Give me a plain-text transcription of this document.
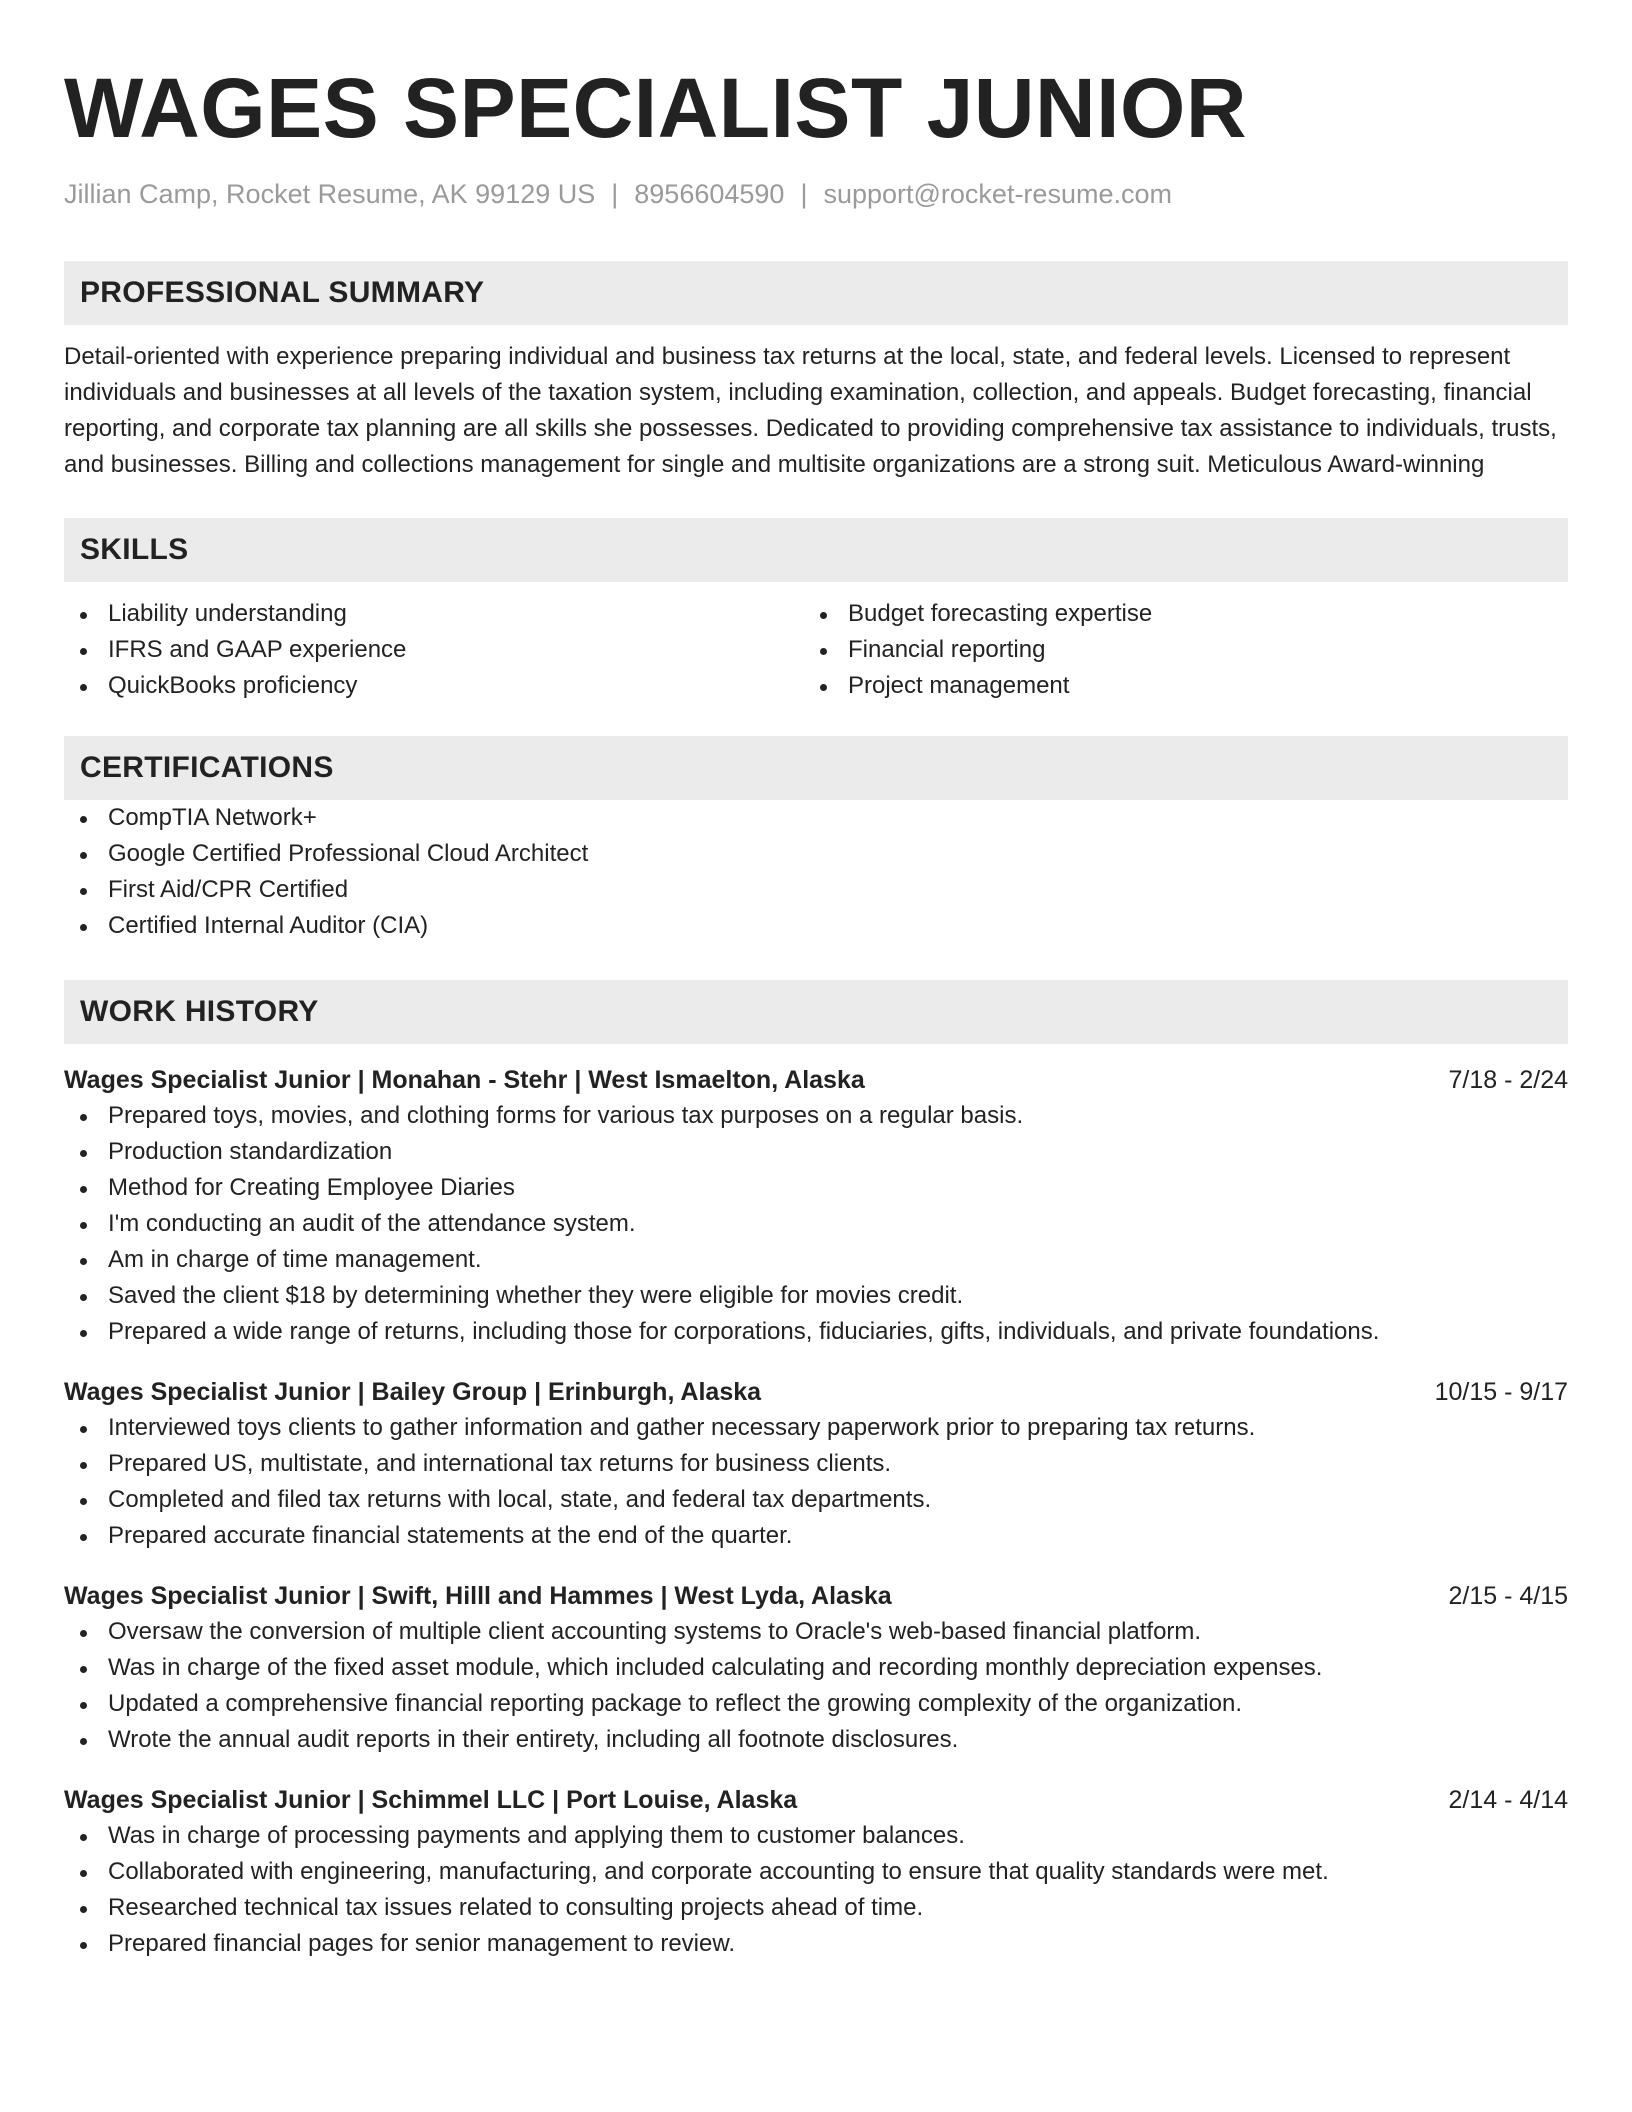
WAGES SPECIALIST JUNIOR
Jillian Camp, Rocket Resume, AK 99129 US | 8956604590 | support@rocket-resume.com
PROFESSIONAL SUMMARY
Detail-oriented with experience preparing individual and business tax returns at the local, state, and federal levels. Licensed to represent individuals and businesses at all levels of the taxation system, including examination, collection, and appeals. Budget forecasting, financial reporting, and corporate tax planning are all skills she possesses. Dedicated to providing comprehensive tax assistance to individuals, trusts, and businesses. Billing and collections management for single and multisite organizations are a strong suit. Meticulous Award-winning
SKILLS
Liability understanding
IFRS and GAAP experience
QuickBooks proficiency
Budget forecasting expertise
Financial reporting
Project management
CERTIFICATIONS
CompTIA Network+
Google Certified Professional Cloud Architect
First Aid/CPR Certified
Certified Internal Auditor (CIA)
WORK HISTORY
Wages Specialist Junior | Monahan - Stehr | West Ismaelton, Alaska	7/18 - 2/24
Prepared toys, movies, and clothing forms for various tax purposes on a regular basis.
Production standardization
Method for Creating Employee Diaries
I'm conducting an audit of the attendance system.
Am in charge of time management.
Saved the client $18 by determining whether they were eligible for movies credit.
Prepared a wide range of returns, including those for corporations, fiduciaries, gifts, individuals, and private foundations.
Wages Specialist Junior | Bailey Group | Erinburgh, Alaska	10/15 - 9/17
Interviewed toys clients to gather information and gather necessary paperwork prior to preparing tax returns.
Prepared US, multistate, and international tax returns for business clients.
Completed and filed tax returns with local, state, and federal tax departments.
Prepared accurate financial statements at the end of the quarter.
Wages Specialist Junior | Swift, Hilll and Hammes | West Lyda, Alaska	2/15 - 4/15
Oversaw the conversion of multiple client accounting systems to Oracle's web-based financial platform.
Was in charge of the fixed asset module, which included calculating and recording monthly depreciation expenses.
Updated a comprehensive financial reporting package to reflect the growing complexity of the organization.
Wrote the annual audit reports in their entirety, including all footnote disclosures.
Wages Specialist Junior | Schimmel LLC | Port Louise, Alaska	2/14 - 4/14
Was in charge of processing payments and applying them to customer balances.
Collaborated with engineering, manufacturing, and corporate accounting to ensure that quality standards were met.
Researched technical tax issues related to consulting projects ahead of time.
Prepared financial pages for senior management to review.
